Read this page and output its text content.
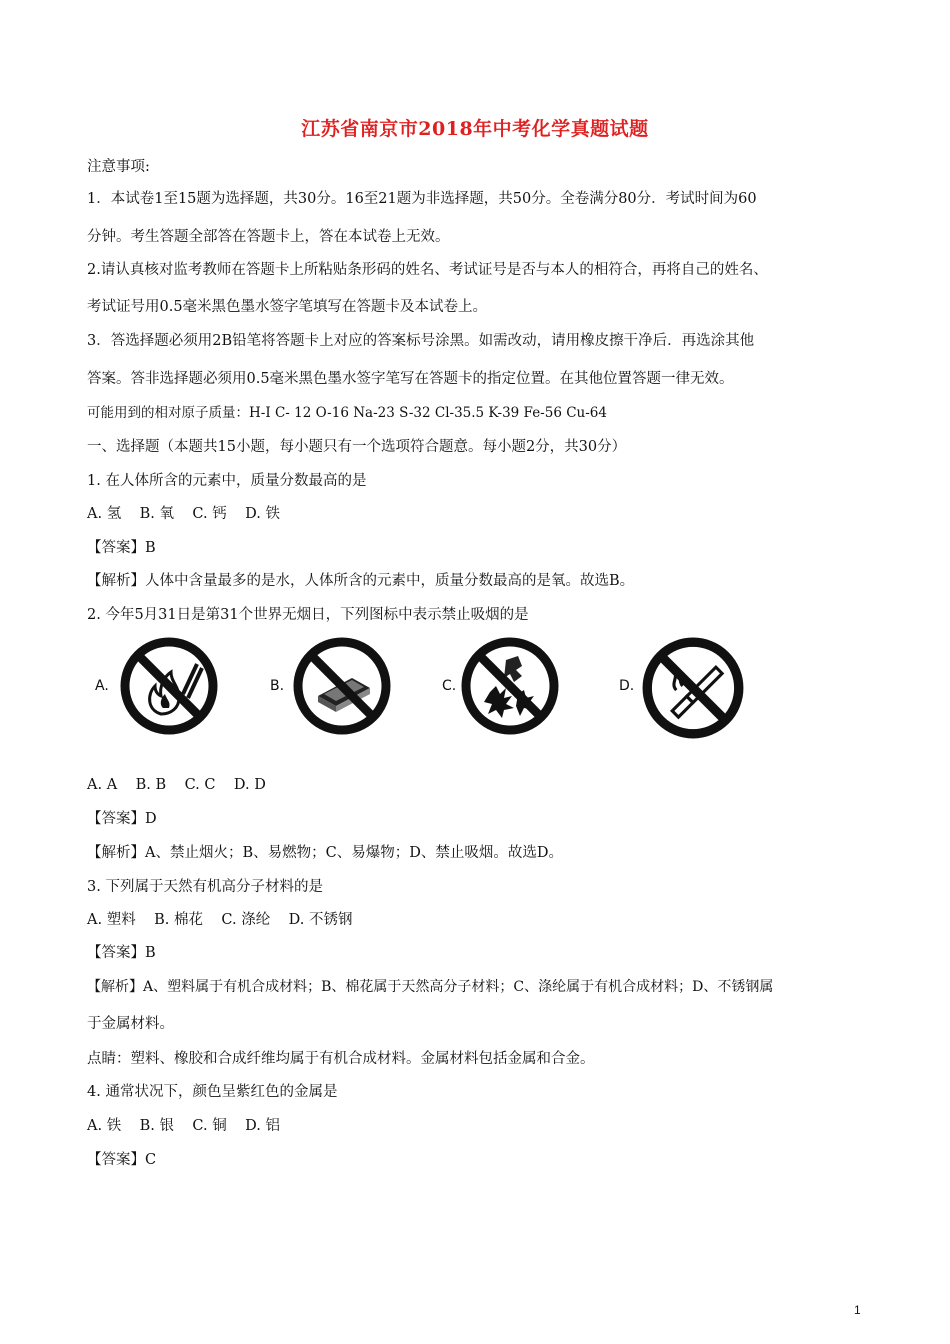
江苏省南京市2018年中考化学真题试题
注意事项:
1．本试卷1至15题为选择题，共30分。16至21题为非选择题，共50分。全卷满分80分．考试时间为60
分钟。考生答题全部答在答题卡上，答在本试卷上无效。
2.请认真核对监考教师在答题卡上所粘贴条形码的姓名、考试证号是否与本人的相符合，再将自己的姓名、
考试证号用0.5毫米黑色墨水签字笔填写在答题卡及本试卷上。
3．答选择题必须用2B铅笔将答题卡上对应的答案标号涂黑。如需改动，请用橡皮擦干净后．再选涂其他
答案。答非选择题必须用0.5毫米黑色墨水签字笔写在答题卡的指定位置。在其他位置答题一律无效。
可能用到的相对原子质量：H-I C- 12 O-16 Na-23 S-32 Cl-35.5 K-39 Fe-56 Cu-64
一、选择题（本题共15小题，每小题只有一个选项符合题意。每小题2分，共30分）
1. 在人体所含的元素中，质量分数最高的是
A. 氢    B. 氧    C. 钙    D. 铁
【答案】B
【解析】人体中含量最多的是水，人体所含的元素中，质量分数最高的是氧。故选B。
2. 今年5月31日是第31个世界无烟日，下列图标中表示禁止吸烟的是
A.	B.	C.	D.
A. A    B. B    C. C    D. D
【答案】D
【解析】A、禁止烟火；B、易燃物；C、易爆物；D、禁止吸烟。故选D。
3. 下列属于天然有机高分子材料的是
A. 塑料    B. 棉花    C. 涤纶    D. 不锈钢
【答案】B
【解析】A、塑料属于有机合成材料；B、棉花属于天然高分子材料；C、涤纶属于有机合成材料；D、不锈钢属
于金属材料。
点睛：塑料、橡胶和合成纤维均属于有机合成材料。金属材料包括金属和合金。
4. 通常状况下，颜色呈紫红色的金属是
A. 铁    B. 银    C. 铜    D. 铝
【答案】C
1
